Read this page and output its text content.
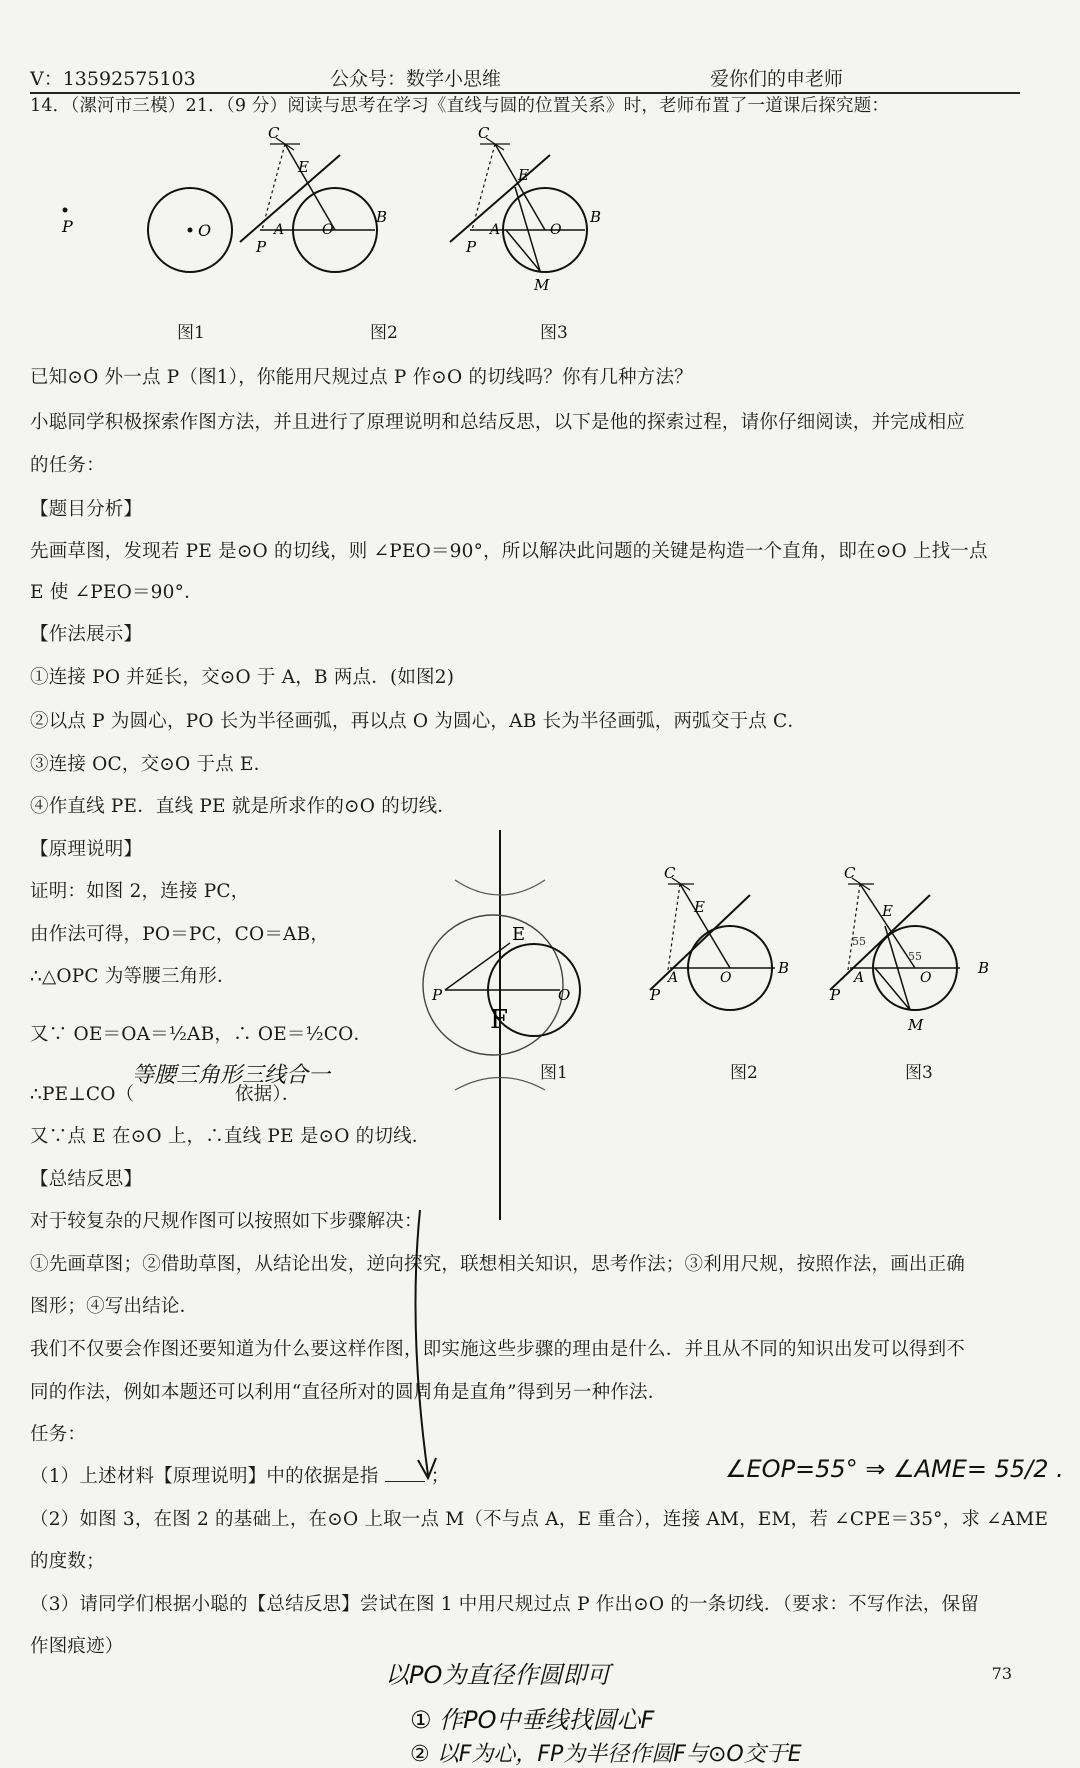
V：13592575103	公众号：数学小思维	爱你们的申老师
14．（漯河市三模）21．（9 分）阅读与思考在学习《直线与圆的位置关系》时，老师布置了一道课后探究题：
P	O
图1
C
E
P
A	O
B
图2
C
E
P
A	O
B
M
图3
已知⊙O 外一点 P（图1），你能用尺规过点 P 作⊙O 的切线吗？你有几种方法？
小聪同学积极探索作图方法，并且进行了原理说明和总结反思，以下是他的探索过程，请你仔细阅读，并完成相应
的任务：
【题目分析】
先画草图，发现若 PE 是⊙O 的切线，则 ∠PEO＝90°，所以解决此问题的关键是构造一个直角，即在⊙O 上找一点
E 使 ∠PEO＝90°．
【作法展示】
①连接 PO 并延长，交⊙O 于 A，B 两点．(如图2)
②以点 P 为圆心，PO 长为半径画弧，再以点 O 为圆心，AB 长为半径画弧，两弧交于点 C．
③连接 OC，交⊙O 于点 E．
④作直线 PE．直线 PE 就是所求作的⊙O 的切线．
【原理说明】
证明：如图 2，连接 PC，
由作法可得，PO＝PC，CO＝AB，
∴△OPC 为等腰三角形．
又∵ OE＝OA＝½AB，∴ OE＝½CO．
∴PE⊥CO（	依据）．
又∵点 E 在⊙O 上，∴直线 PE 是⊙O 的切线．
【总结反思】
对于较复杂的尺规作图可以按照如下步骤解决：
①先画草图；②借助草图，从结论出发，逆向探究，联想相关知识，思考作法；③利用尺规，按照作法，画出正确
图形；④写出结论．
我们不仅要会作图还要知道为什么要这样作图，即实施这些步骤的理由是什么．并且从不同的知识出发可以得到不
同的作法，例如本题还可以利用“直径所对的圆周角是直角”得到另一种作法．
任务：
（1）上述材料【原理说明】中的依据是指	；
（2）如图 3，在图 2 的基础上，在⊙O 上取一点 M（不与点 A，E 重合），连接 AM，EM，若 ∠CPE＝35°，求 ∠AME
的度数；
（3）请同学们根据小聪的【总结反思】尝试在图 1 中用尺规过点 P 作出⊙O 的一条切线．（要求：不写作法，保留
作图痕迹）
P
E
O
F
图1
C
E
P
A	O
B
图2
C
E
P
A	O
B
M
55
55
图3
等腰三角形三线合一
∠EOP=55° ⇒ ∠AME= 55/2 .
以PO为直径作圆即可
① 作PO中垂线找圆心F
② 以F为心，FP为半径作圆F与⊙O交于E
73
